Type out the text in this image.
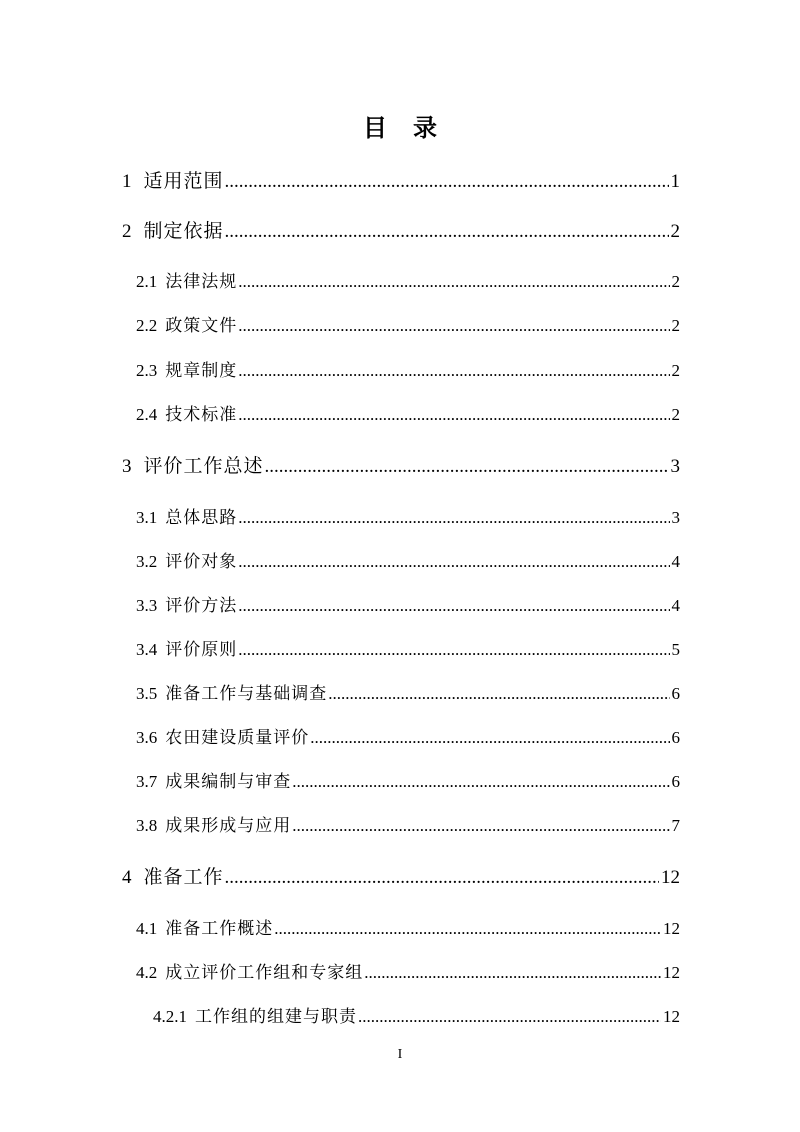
目 录
1 适用范围 .....	1
2 制定依据 .....	2
2.1 法律法规 .....	2
2.2 政策文件 .....	2
2.3 规章制度 .....	2
2.4 技术标准 .....	2
3 评价工作总述 .....	3
3.1 总体思路 .....	3
3.2 评价对象 .....	4
3.3 评价方法 .....	4
3.4 评价原则 .....	5
3.5 准备工作与基础调查 .....	6
3.6 农田建设质量评价 .....	6
3.7 成果编制与审查 .....	6
3.8 成果形成与应用 .....	7
4 准备工作 .....	12
4.1 准备工作概述 .....	12
4.2 成立评价工作组和专家组 .....	12
4.2.1 工作组的组建与职责 .....	12
I
